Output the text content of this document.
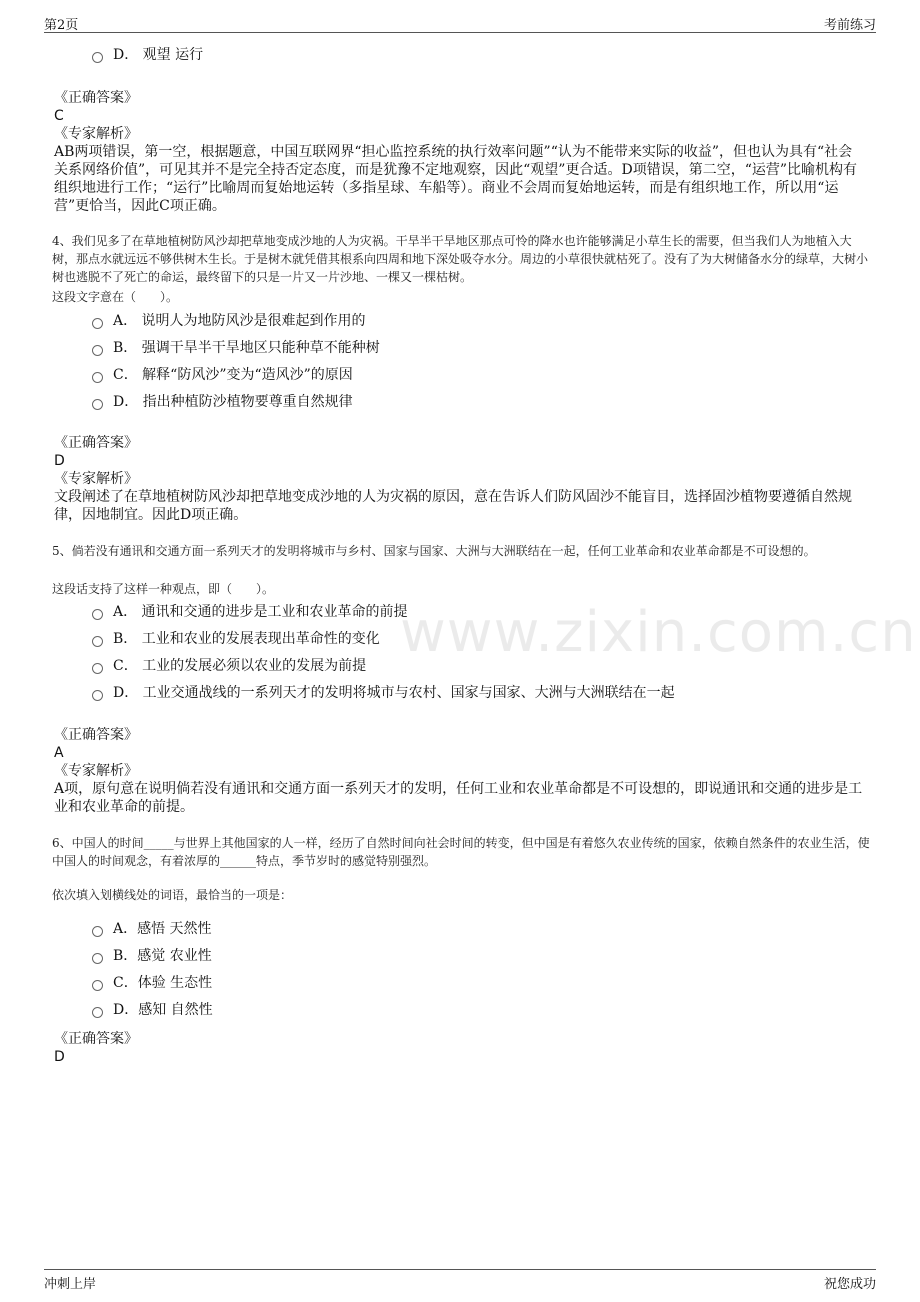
第2页	考前练习
www.zixin.com.cn
D． 观望 运行
《正确答案》
C
《专家解析》
AB两项错误，第一空，根据题意，中国互联网界“担心监控系统的执行效率问题”“认为不能带来实际的收益”，但也认为具有“社会关系网络价值”，可见其并不是完全持否定态度，而是犹豫不定地观察，因此“观望”更合适。D项错误，第二空，“运营”比喻机构有组织地进行工作；“运行”比喻周而复始地运转（多指星球、车船等）。商业不会周而复始地运转，而是有组织地工作，所以用“运营”更恰当，因此C项正确。
4、我们见多了在草地植树防风沙却把草地变成沙地的人为灾祸。干旱半干旱地区那点可怜的降水也许能够满足小草生长的需要，但当我们人为地植入大树，那点水就远远不够供树木生长。于是树木就凭借其根系向四周和地下深处吸夺水分。周边的小草很快就枯死了。没有了为大树储备水分的绿草，大树小树也逃脱不了死亡的命运，最终留下的只是一片又一片沙地、一棵又一棵枯树。
这段文字意在（　　）。
A． 说明人为地防风沙是很难起到作用的
B． 强调干旱半干旱地区只能种草不能种树
C． 解释“防风沙”变为“造风沙”的原因
D． 指出种植防沙植物要尊重自然规律
《正确答案》
D
《专家解析》
文段阐述了在草地植树防风沙却把草地变成沙地的人为灾祸的原因，意在告诉人们防风固沙不能盲目，选择固沙植物要遵循自然规律，因地制宜。因此D项正确。
5、倘若没有通讯和交通方面一系列天才的发明将城市与乡村、国家与国家、大洲与大洲联结在一起，任何工业革命和农业革命都是不可设想的。
这段话支持了这样一种观点，即（　　）。
A． 通讯和交通的进步是工业和农业革命的前提
B． 工业和农业的发展表现出革命性的变化
C． 工业的发展必须以农业的发展为前提
D． 工业交通战线的一系列天才的发明将城市与农村、国家与国家、大洲与大洲联结在一起
《正确答案》
A
《专家解析》
A项，原句意在说明倘若没有通讯和交通方面一系列天才的发明，任何工业和农业革命都是不可设想的，即说通讯和交通的进步是工业和农业革命的前提。
6、中国人的时间_____与世界上其他国家的人一样，经历了自然时间向社会时间的转变，但中国是有着悠久农业传统的国家，依赖自然条件的农业生活，使中国人的时间观念，有着浓厚的______特点，季节岁时的感觉特别强烈。
依次填入划横线处的词语，最恰当的一项是：
A．感悟 天然性
B．感觉 农业性
C．体验 生态性
D．感知 自然性
《正确答案》
D
冲刺上岸	祝您成功
